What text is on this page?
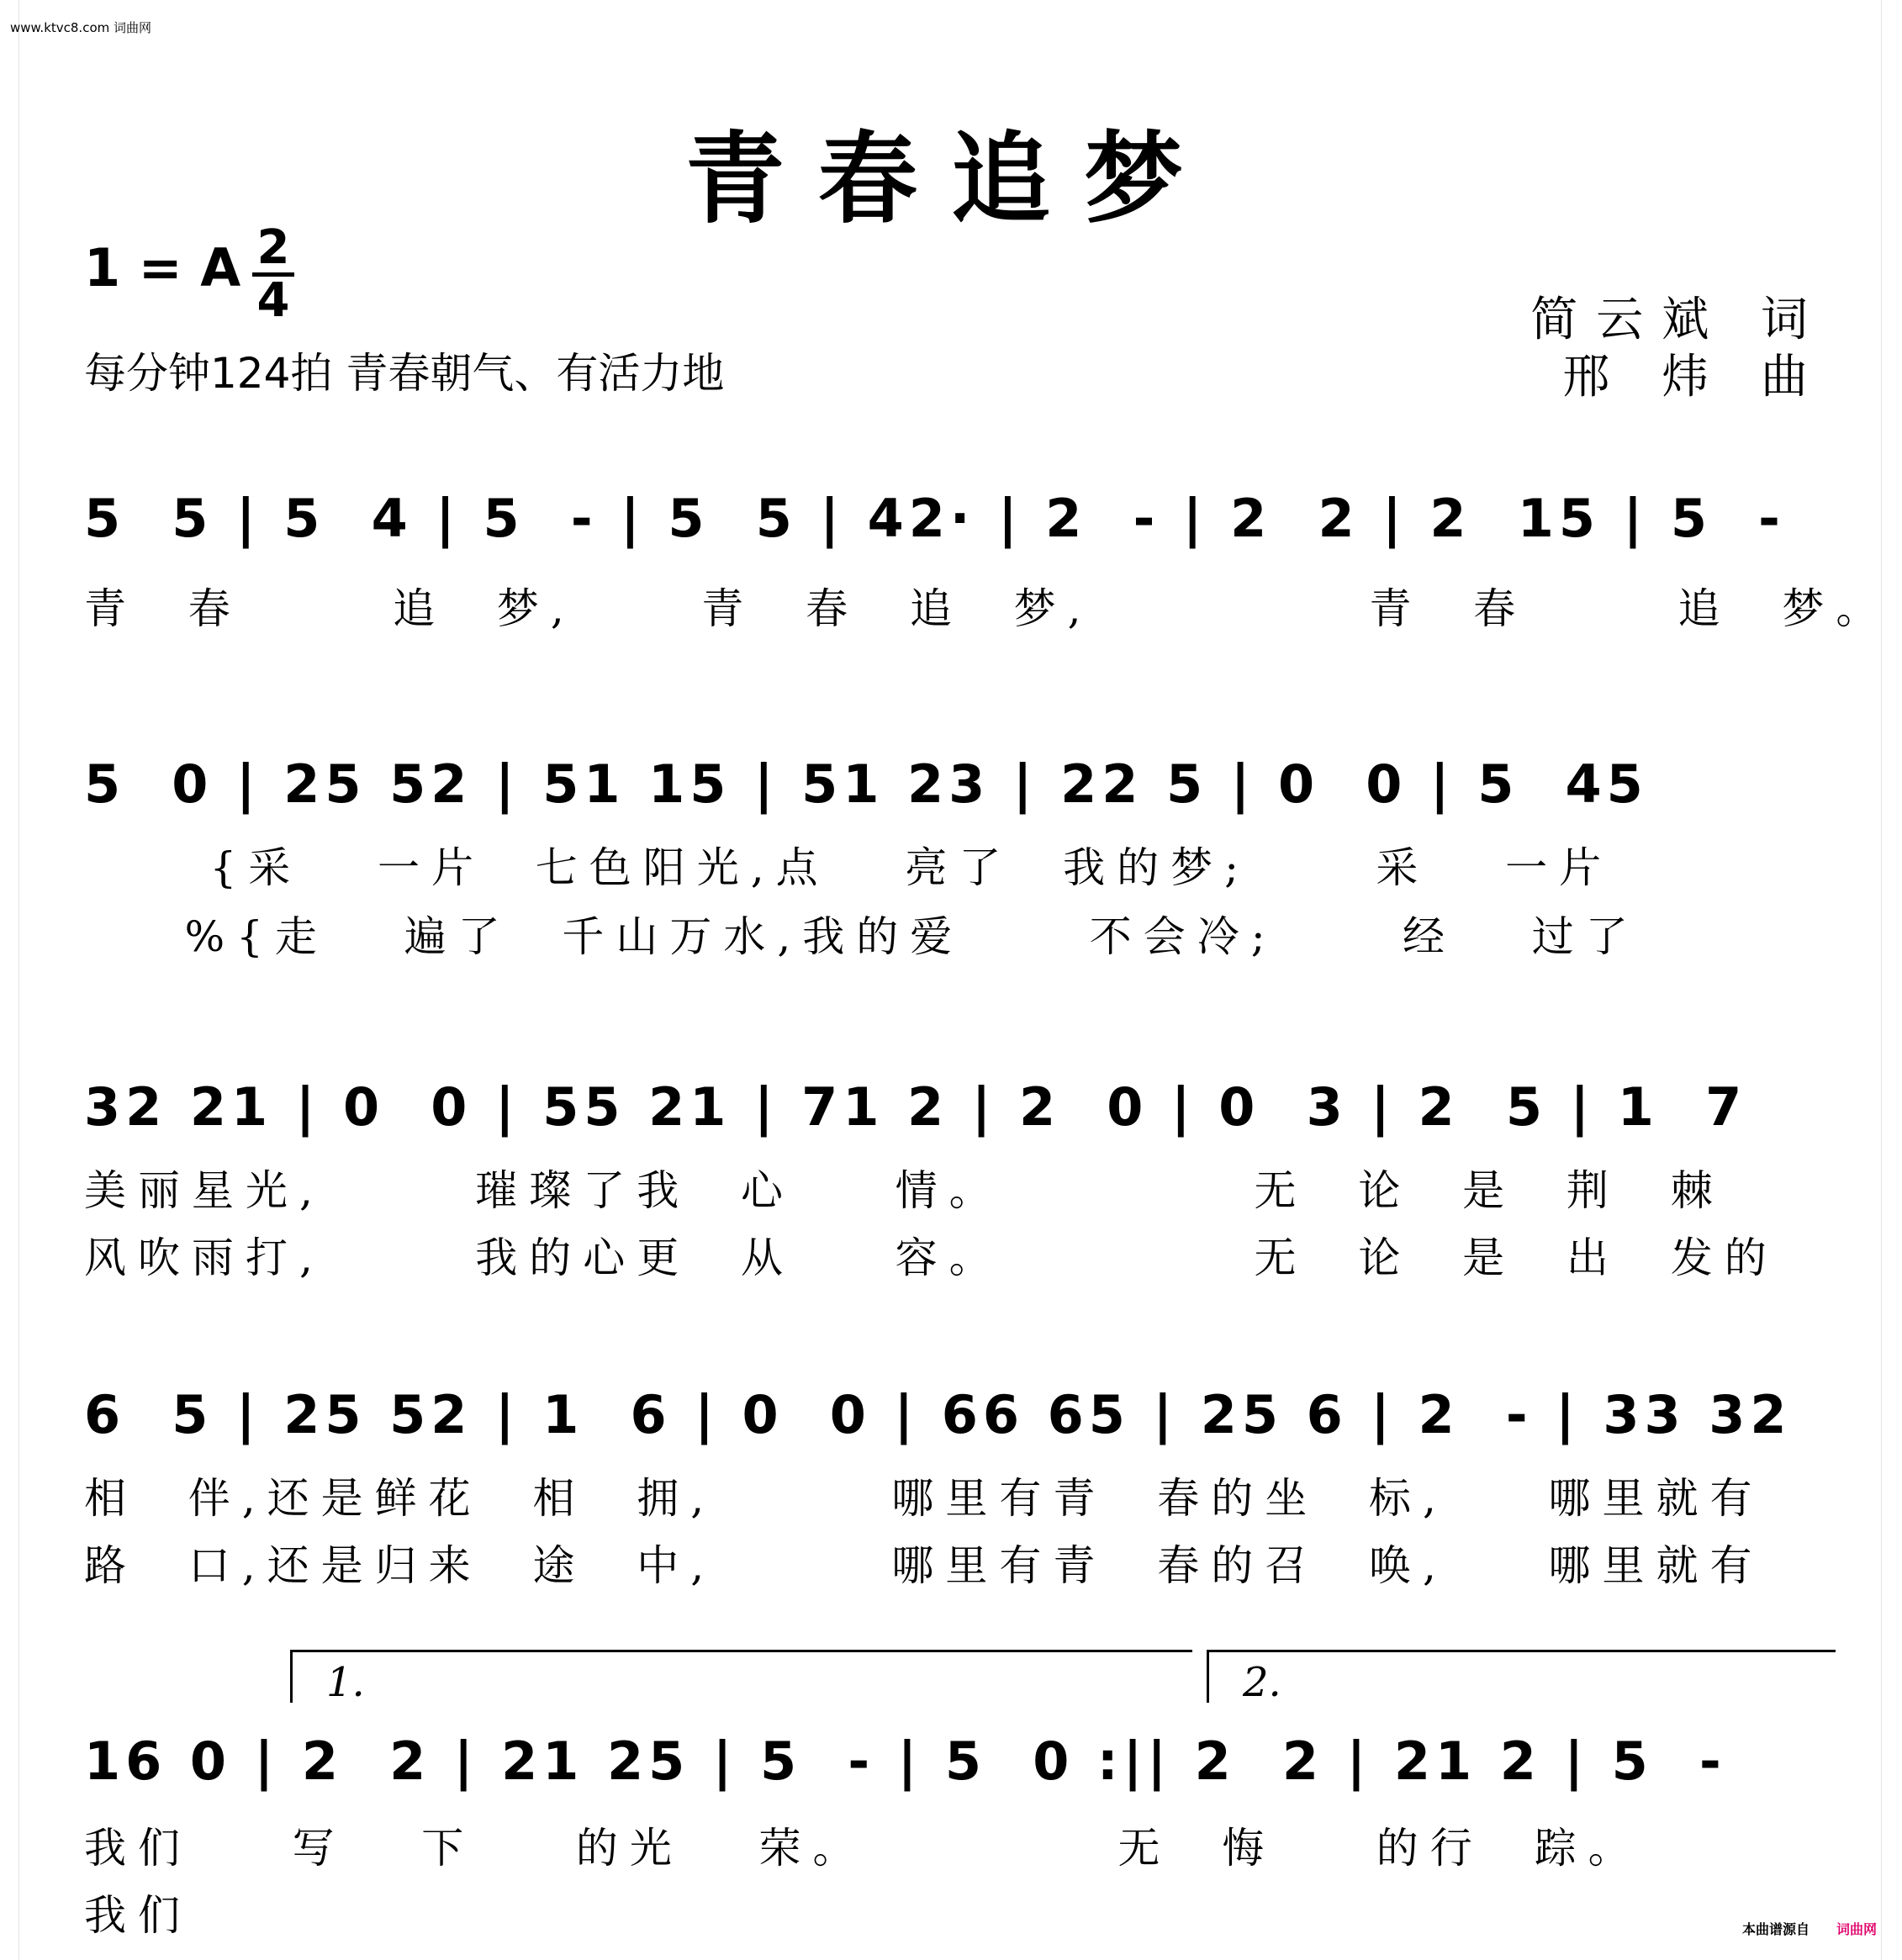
www.ktvc8.com 词曲网
青春追梦
1 = A 2
4
每分钟124拍 青春朝气、有活力地
简云斌 词
邢 炜 曲
5  5 | 5  4 | 5  - | 5  5 | 42· | 2  - | 2  2 | 2  15 | 5  -
青  春      追  梦,     青  春  追  梦,           青  春      追  梦。
5  0 | 25 52 | 51 15 | 51 23 | 22 5 | 0  0 | 5  45
{采   一片  七色阳光,点   亮了  我的梦;     采   一片
%{走   遍了  千山万水,我的爱     不会冷;     经   过了
32 21 | 0  0 | 55 21 | 71 2 | 2  0 | 0  3 | 2  5 | 1  7
美丽星光,      璀璨了我  心    情。          无  论  是  荆  棘
风吹雨打,      我的心更  从    容。          无  论  是  出  发的
6  5 | 25 52 | 1  6 | 0  0 | 66 65 | 25 6 | 2  - | 33 32
相  伴,还是鲜花  相  拥,       哪里有青  春的坐  标,    哪里就有
路  口,还是归来  途  中,       哪里有青  春的召  唤,    哪里就有
1.	2.
16 0 | 2  2 | 21 25 | 5  - | 5  0 :|| 2  2 | 21 2 | 5  -
我们    写   下    的光   荣。          无  悔    的行  踪。
我们	本曲谱源自 词曲网
